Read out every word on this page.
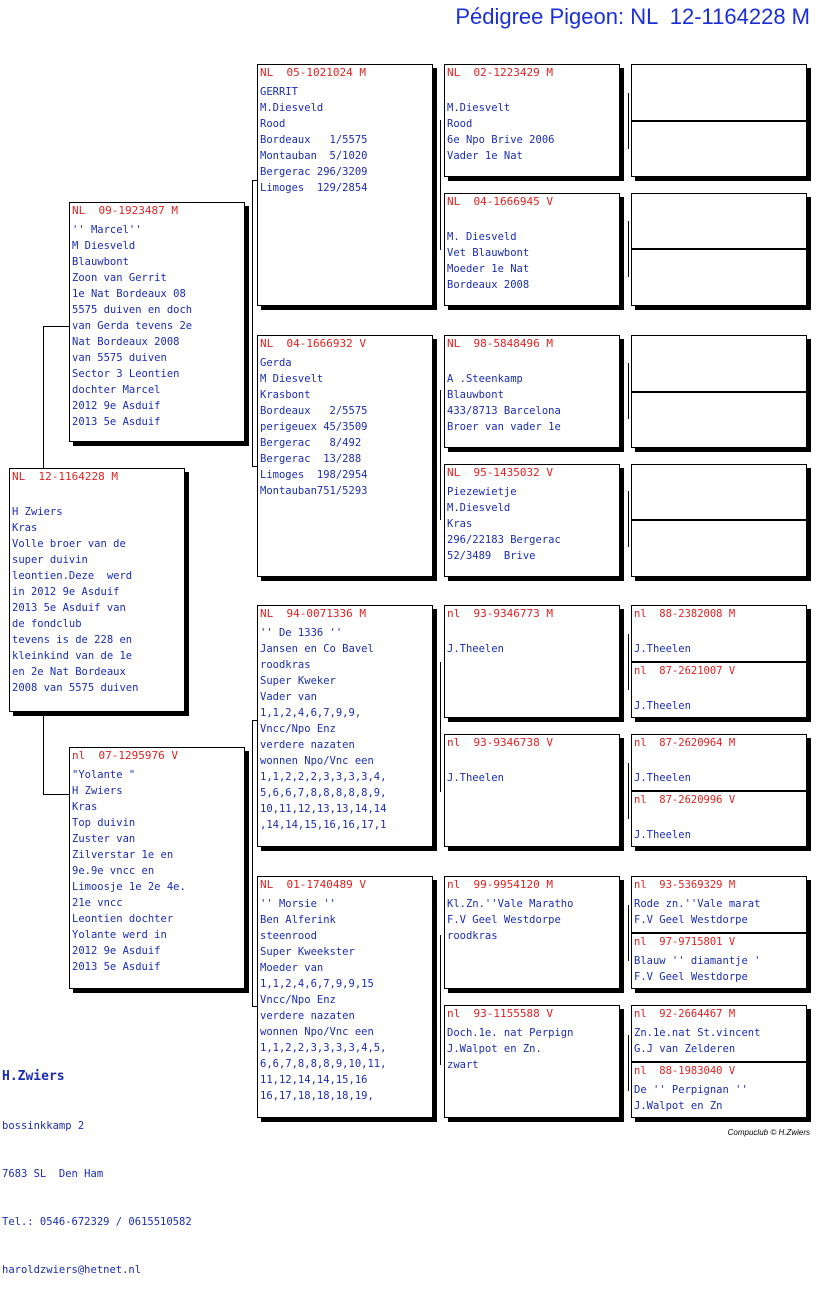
Pédigree Pigeon: NL  12-1164228 M
NL  12-1164228 M

H Zwiers
Kras
Volle broer van de
super duivin
leontien.Deze  werd
in 2012 9e Asduif
2013 5e Asduif van
de fondclub
tevens is de 228 en
kleinkind van de 1e
en 2e Nat Bordeaux
2008 van 5575 duiven
NL  09-1923487 M
'' Marcel''
M Diesveld
Blauwbont
Zoon van Gerrit
1e Nat Bordeaux 08
5575 duiven en doch
van Gerda tevens 2e
Nat Bordeaux 2008
van 5575 duiven
Sector 3 Leontien
dochter Marcel
2012 9e Asduif
2013 5e Asduif
nl  07-1295976 V
"Yolante "
H Zwiers
Kras
Top duivin
Zuster van
Zilverstar 1e en
9e.9e vncc en
Limoosje 1e 2e 4e.
21e vncc
Leontien dochter
Yolante werd in
2012 9e Asduif
2013 5e Asduif
NL  05-1021024 M
GERRIT
M.Diesveld
Rood
Bordeaux   1/5575
Montauban  5/1020
Bergerac 296/3209
Limoges  129/2854
NL  04-1666932 V
Gerda
M Diesvelt
Krasbont
Bordeaux   2/5575
perigeuex 45/3509
Bergerac   8/492
Bergerac  13/288
Limoges  198/2954
Montauban751/5293
NL  94-0071336 M
'' De 1336 ''
Jansen en Co Bavel
roodkras
Super Kweker
Vader van
1,1,2,4,6,7,9,9,
Vncc/Npo Enz
verdere nazaten
wonnen Npo/Vnc een
1,1,2,2,2,3,3,3,3,4,
5,6,6,7,8,8,8,8,8,9,
10,11,12,13,13,14,14
,14,14,15,16,16,17,1
NL  01-1740489 V
'' Morsie ''
Ben Alferink
steenrood
Super Kweekster
Moeder van
1,1,2,4,6,7,9,9,15
Vncc/Npo Enz
verdere nazaten
wonnen Npo/Vnc een
1,1,2,2,3,3,3,3,4,5,
6,6,7,8,8,8,9,10,11,
11,12,14,14,15,16
16,17,18,18,18,19,
NL  02-1223429 M

M.Diesvelt
Rood
6e Npo Brive 2006
Vader 1e Nat
NL  04-1666945 V

M. Diesveld
Vet Blauwbont
Moeder 1e Nat
Bordeaux 2008
NL  98-5848496 M

A .Steenkamp
Blauwbont
433/8713 Barcelona
Broer van vader 1e
NL  95-1435032 V
Piezewietje
M.Diesveld
Kras
296/22183 Bergerac
52/3489  Brive
nl  93-9346773 M

J.Theelen
nl  93-9346738 V

J.Theelen
nl  99-9954120 M
Kl.Zn.''Vale Maratho
F.V Geel Westdorpe
roodkras
nl  93-1155588 V
Doch.1e. nat Perpign
J.Walpot en Zn.
zwart
nl  88-2382008 M

J.Theelen
nl  87-2621007 V

J.Theelen
nl  87-2620964 M

J.Theelen
nl  87-2620996 V

J.Theelen
nl  93-5369329 M
Rode zn.''Vale marat
F.V Geel Westdorpe
nl  97-9715801 V
Blauw '' diamantje '
F.V Geel Westdorpe
nl  92-2664467 M
Zn.1e.nat St.vincent
G.J van Zelderen
nl  88-1983040 V
De '' Perpignan ''
J.Walpot en Zn

H.Zwiers

bossinkkamp 2

7683 SL  Den Ham

Tel.: 0546-672329 / 0615510582

haroldzwiers@hetnet.nl

Compuclub © H.Zwiers
